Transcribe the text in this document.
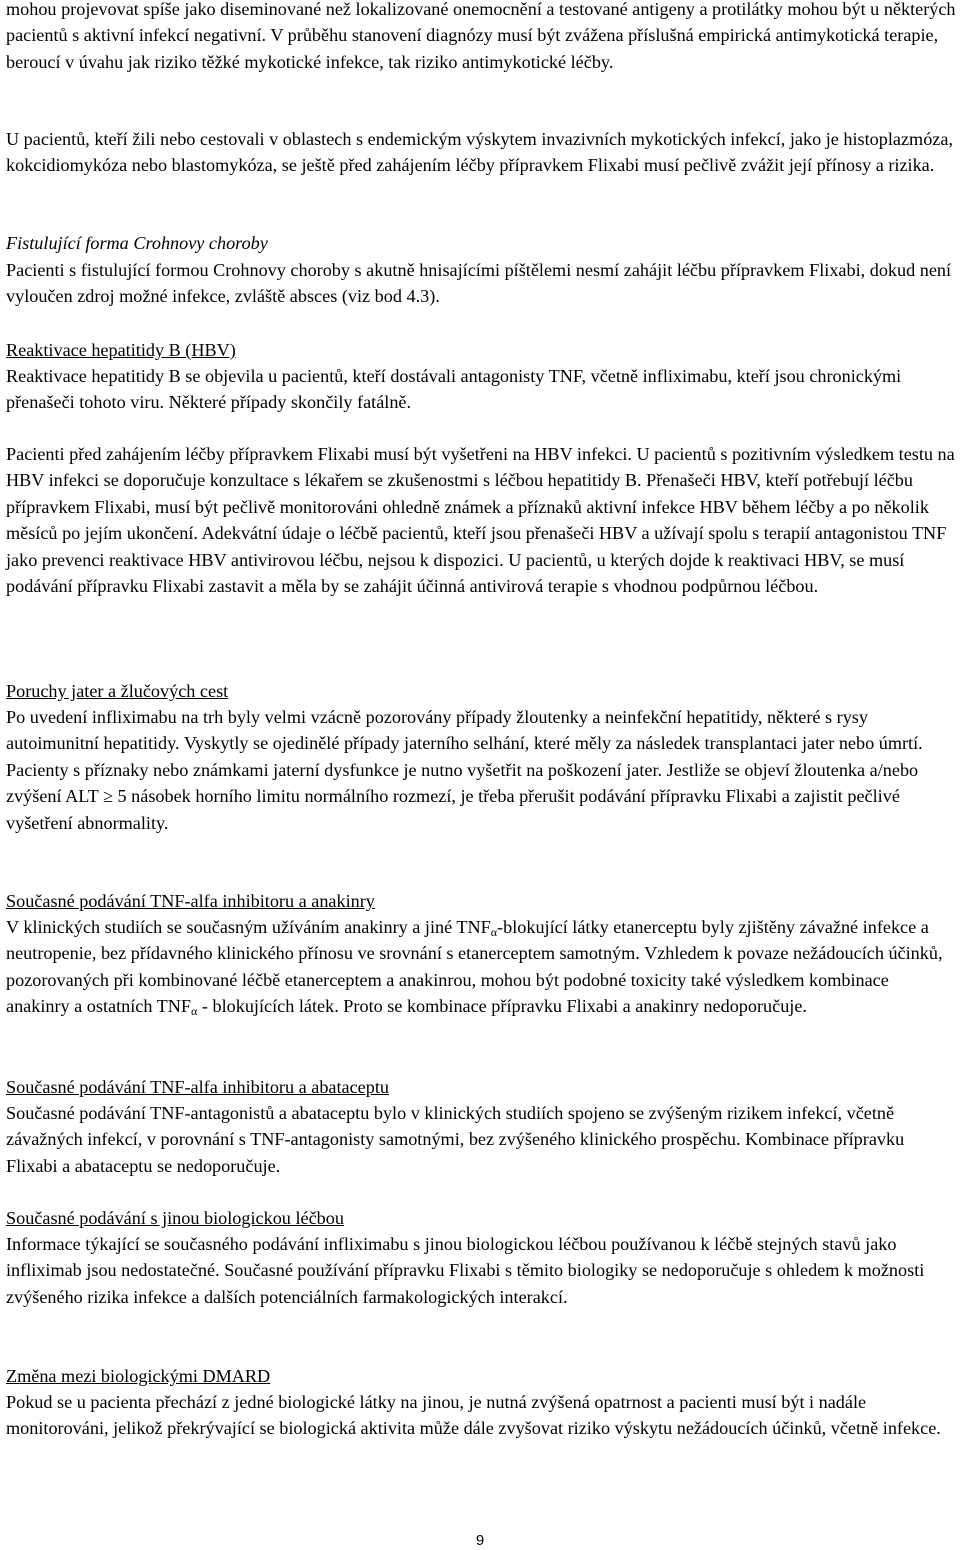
mohou projevovat spíše jako diseminované než lokalizované onemocnění a testované antigeny a protilátky mohou být u některých pacientů s aktivní infekcí negativní. V průběhu stanovení diagnózy musí být zvážena příslušná empirická antimykotická terapie, beroucí v úvahu jak riziko těžké mykotické infekce, tak riziko antimykotické léčby.

U pacientů, kteří žili nebo cestovali v oblastech s endemickým výskytem invazivních mykotických infekcí, jako je histoplazmóza, kokcidiomykóza nebo blastomykóza, se ještě před zahájením léčby přípravkem Flixabi musí pečlivě zvážit její přínosy a rizika.

Fistulující forma Crohnovy choroby

Pacienti s fistulující formou Crohnovy choroby s akutně hnisajícími píštělemi nesmí zahájit léčbu přípravkem Flixabi, dokud není vyloučen zdroj možné infekce, zvláště absces (viz bod 4.3).

Reaktivace hepatitidy B (HBV)

Reaktivace hepatitidy B se objevila u pacientů, kteří dostávali antagonisty TNF, včetně infliximabu, kteří jsou chronickými přenašeči tohoto viru. Některé případy skončily fatálně.

Pacienti před zahájením léčby přípravkem Flixabi musí být vyšetřeni na HBV infekci. U pacientů s pozitivním výsledkem testu na HBV infekci se doporučuje konzultace s lékařem se zkušenostmi s léčbou hepatitidy B. Přenašeči HBV, kteří potřebují léčbu přípravkem Flixabi, musí být pečlivě monitorováni ohledně známek a příznaků aktivní infekce HBV během léčby a po několik měsíců po jejím ukončení. Adekvátní údaje o léčbě pacientů, kteří jsou přenašeči HBV a užívají spolu s terapií antagonistou TNF jako prevenci reaktivace HBV antivirovou léčbu, nejsou k dispozici. U pacientů, u kterých dojde k reaktivaci HBV, se musí podávání přípravku Flixabi zastavit a měla by se zahájit účinná antivirová terapie s vhodnou podpůrnou léčbou.

Poruchy jater a žlučových cest

Po uvedení infliximabu na trh byly velmi vzácně pozorovány případy žloutenky a neinfekční hepatitidy, některé s rysy autoimunitní hepatitidy. Vyskytly se ojedinělé případy jaterního selhání, které měly za následek transplantaci jater nebo úmrtí. Pacienty s příznaky nebo známkami jaterní dysfunkce je nutno vyšetřit na poškození jater. Jestliže se objeví žloutenka a/nebo zvýšení ALT ≥ 5 násobek horního limitu normálního rozmezí, je třeba přerušit podávání přípravku Flixabi a zajistit pečlivé vyšetření abnormality.

Současné podávání TNF-alfa inhibitoru a anakinry

V klinických studiích se současným užíváním anakinry a jiné $TNF_\alpha$-blokující látky etanerceptu byly zjištěny závažné infekce a neutropenie, bez přídavného klinického přínosu ve srovnání s etanerceptem samotným. Vzhledem k povaze nežádoucích účinků, pozorovaných při kombinované léčbě etanerceptem a anakinrou, mohou být podobné toxicity také výsledkem kombinace anakinry a ostatních $TNF_\alpha$ - blokujících látek. Proto se kombinace přípravku Flixabi a anakinry nedoporučuje.

Současné podávání TNF-alfa inhibitoru a abataceptu

Současné podávání TNF-antagonistů a abataceptu bylo v klinických studiích spojeno se zvýšeným rizikem infekcí, včetně závažných infekcí, v porovnání s TNF-antagonisty samotnými, bez zvýšeného klinického prospěchu. Kombinace přípravku Flixabi a abataceptu se nedoporučuje.

Současné podávání s jinou biologickou léčbou

Informace týkající se současného podávání infliximabu s jinou biologickou léčbou používanou k léčbě stejných stavů jako infliximab jsou nedostatečné. Současné používání přípravku Flixabi s těmito biologiky se nedoporučuje s ohledem k možnosti zvýšeného rizika infekce a dalších potenciálních farmakologických interakcí.

Změna mezi biologickými DMARD

Pokud se u pacienta přechází z jedné biologické látky na jinou, je nutná zvýšená opatrnost a pacienti musí být i nadále monitorováni, jelikož překrývající se biologická aktivita může dále zvyšovat riziko výskytu nežádoucích účinků, včetně infekce.

9
